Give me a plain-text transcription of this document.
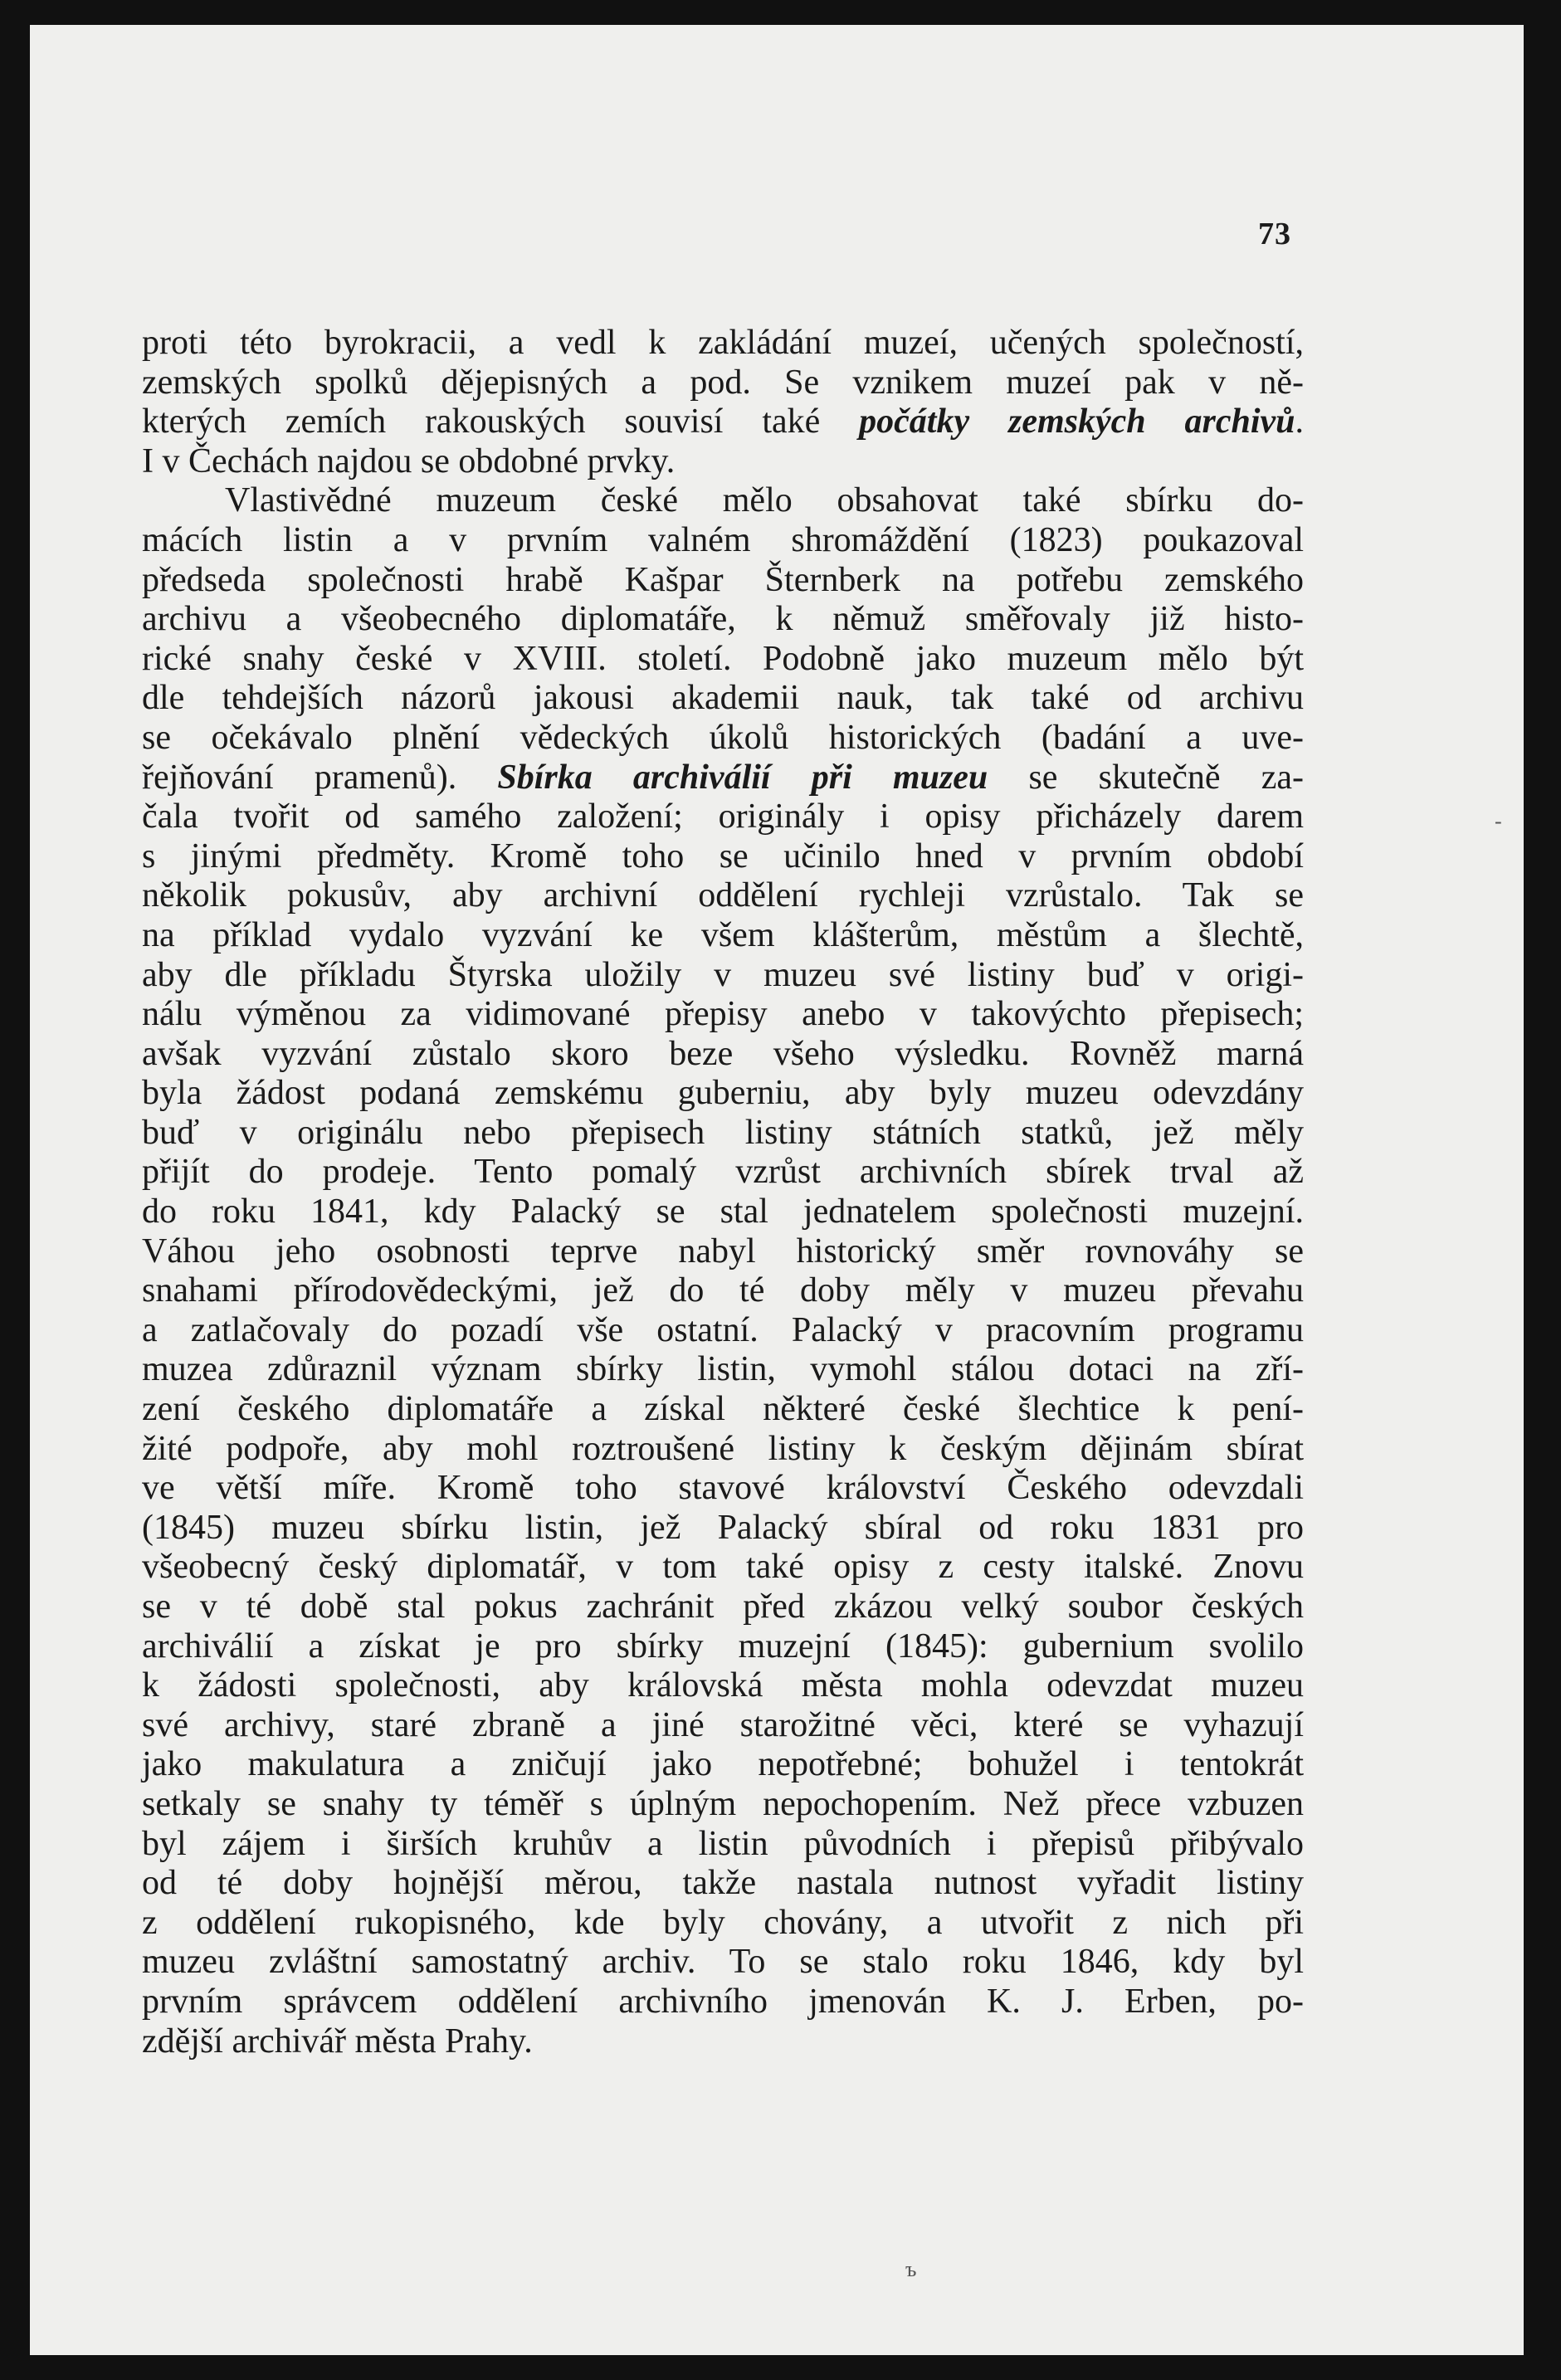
73
proti této byrokracii, a vedl k zakládání muzeí, učených společností,
zemských spolků dějepisných a pod. Se vznikem muzeí pak v ně-
kterých zemích rakouských souvisí také počátky zemských archivů.
I v Čechách najdou se obdobné prvky.
Vlastivědné muzeum české mělo obsahovat také sbírku do-
mácích listin a v prvním valném shromáždění (1823) poukazoval
předseda společnosti hrabě Kašpar Šternberk na potřebu zemského
archivu a všeobecného diplomatáře, k němuž směřovaly již histo-
rické snahy české v XVIII. století. Podobně jako muzeum mělo být
dle tehdejších názorů jakousi akademii nauk, tak také od archivu
se očekávalo plnění vědeckých úkolů historických (badání a uve-
řejňování pramenů). Sbírka archiválií při muzeu se skutečně za-
čala tvořit od samého založení; originály i opisy přicházely darem
s jinými předměty. Kromě toho se učinilo hned v prvním období
několik pokusův, aby archivní oddělení rychleji vzrůstalo. Tak se
na příklad vydalo vyzvání ke všem klášterům, městům a šlechtě,
aby dle příkladu Štyrska uložily v muzeu své listiny buď v origi-
nálu výměnou za vidimované přepisy anebo v takovýchto přepisech;
avšak vyzvání zůstalo skoro beze všeho výsledku. Rovněž marná
byla žádost podaná zemskému guberniu, aby byly muzeu odevzdány
buď v originálu nebo přepisech listiny státních statků, jež měly
přijít do prodeje. Tento pomalý vzrůst archivních sbírek trval až
do roku 1841, kdy Palacký se stal jednatelem společnosti muzejní.
Váhou jeho osobnosti teprve nabyl historický směr rovnováhy se
snahami přírodovědeckými, jež do té doby měly v muzeu převahu
a zatlačovaly do pozadí vše ostatní. Palacký v pracovním programu
muzea zdůraznil význam sbírky listin, vymohl stálou dotaci na zří-
zení českého diplomatáře a získal některé české šlechtice k pení-
žité podpoře, aby mohl roztroušené listiny k českým dějinám sbírat
ve větší míře. Kromě toho stavové království Českého odevzdali
(1845) muzeu sbírku listin, jež Palacký sbíral od roku 1831 pro
všeobecný český diplomatář, v tom také opisy z cesty italské. Znovu
se v té době stal pokus zachránit před zkázou velký soubor českých
archiválií a získat je pro sbírky muzejní (1845): gubernium svolilo
k žádosti společnosti, aby královská města mohla odevzdat muzeu
své archivy, staré zbraně a jiné starožitné věci, které se vyhazují
jako makulatura a zničují jako nepotřebné; bohužel i tentokrát
setkaly se snahy ty téměř s úplným nepochopením. Než přece vzbuzen
byl zájem i širších kruhův a listin původních i přepisů přibývalo
od té doby hojnější měrou, takže nastala nutnost vyřadit listiny
z oddělení rukopisného, kde byly chovány, a utvořit z nich při
muzeu zvláštní samostatný archiv. To se stalo roku 1846, kdy byl
prvním správcem oddělení archivního jmenován K. J. Erben, po-
zdější archivář města Prahy.
-
ъ
